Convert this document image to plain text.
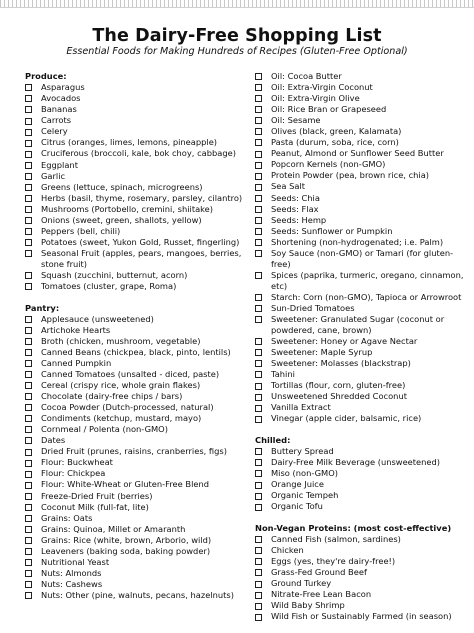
The Dairy-Free Shopping List
Essential Foods for Making Hundreds of Recipes (Gluten-Free Optional)
Produce:
Asparagus
Avocados
Bananas
Carrots
Celery
Citrus (oranges, limes, lemons, pineapple)
Cruciferous (broccoli, kale, bok choy, cabbage)
Eggplant
Garlic
Greens (lettuce, spinach, microgreens)
Herbs (basil, thyme, rosemary, parsley, cilantro)
Mushrooms (Portobello, cremini, shiitake)
Onions (sweet, green, shallots, yellow)
Peppers (bell, chili)
Potatoes (sweet, Yukon Gold, Russet, fingerling)
Seasonal Fruit (apples, pears, mangoes, berries,
stone fruit)
Squash (zucchini, butternut, acorn)
Tomatoes (cluster, grape, Roma)
Pantry:
Applesauce (unsweetened)
Artichoke Hearts
Broth (chicken, mushroom, vegetable)
Canned Beans (chickpea, black, pinto, lentils)
Canned Pumpkin
Canned Tomatoes (unsalted - diced, paste)
Cereal (crispy rice, whole grain flakes)
Chocolate (dairy-free chips / bars)
Cocoa Powder (Dutch-processed, natural)
Condiments (ketchup, mustard, mayo)
Cornmeal / Polenta (non-GMO)
Dates
Dried Fruit (prunes, raisins, cranberries, figs)
Flour: Buckwheat
Flour: Chickpea
Flour: White-Wheat or Gluten-Free Blend
Freeze-Dried Fruit (berries)
Coconut Milk (full-fat, lite)
Grains: Oats
Grains: Quinoa, Millet or Amaranth
Grains: Rice (white, brown, Arborio, wild)
Leaveners (baking soda, baking powder)
Nutritional Yeast
Nuts: Almonds
Nuts: Cashews
Nuts: Other (pine, walnuts, pecans, hazelnuts)
Oil: Cocoa Butter
Oil: Extra-Virgin Coconut
Oil: Extra-Virgin Olive
Oil: Rice Bran or Grapeseed
Oil: Sesame
Olives (black, green, Kalamata)
Pasta (durum, soba, rice, corn)
Peanut, Almond or Sunflower Seed Butter
Popcorn Kernels (non-GMO)
Protein Powder (pea, brown rice, chia)
Sea Salt
Seeds: Chia
Seeds: Flax
Seeds: Hemp
Seeds: Sunflower or Pumpkin
Shortening (non-hydrogenated; i.e. Palm)
Soy Sauce (non-GMO) or Tamari (for gluten-free)
Spices (paprika, turmeric, oregano, cinnamon, etc)
Starch: Corn (non-GMO), Tapioca or Arrowroot
Sun-Dried Tomatoes
Sweetener: Granulated Sugar (coconut or
powdered, cane, brown)
Sweetener: Honey or Agave Nectar
Sweetener: Maple Syrup
Sweetener: Molasses (blackstrap)
Tahini
Tortillas (flour, corn, gluten-free)
Unsweetened Shredded Coconut
Vanilla Extract
Vinegar (apple cider, balsamic, rice)
Chilled:
Buttery Spread
Dairy-Free Milk Beverage (unsweetened)
Miso (non-GMO)
Orange Juice
Organic Tempeh
Organic Tofu
Non-Vegan Proteins: (most cost-effective)
Canned Fish (salmon, sardines)
Chicken
Eggs (yes, they're dairy-free!)
Grass-Fed Ground Beef
Ground Turkey
Nitrate-Free Lean Bacon
Wild Baby Shrimp
Wild Fish or Sustainably Farmed (in season)
